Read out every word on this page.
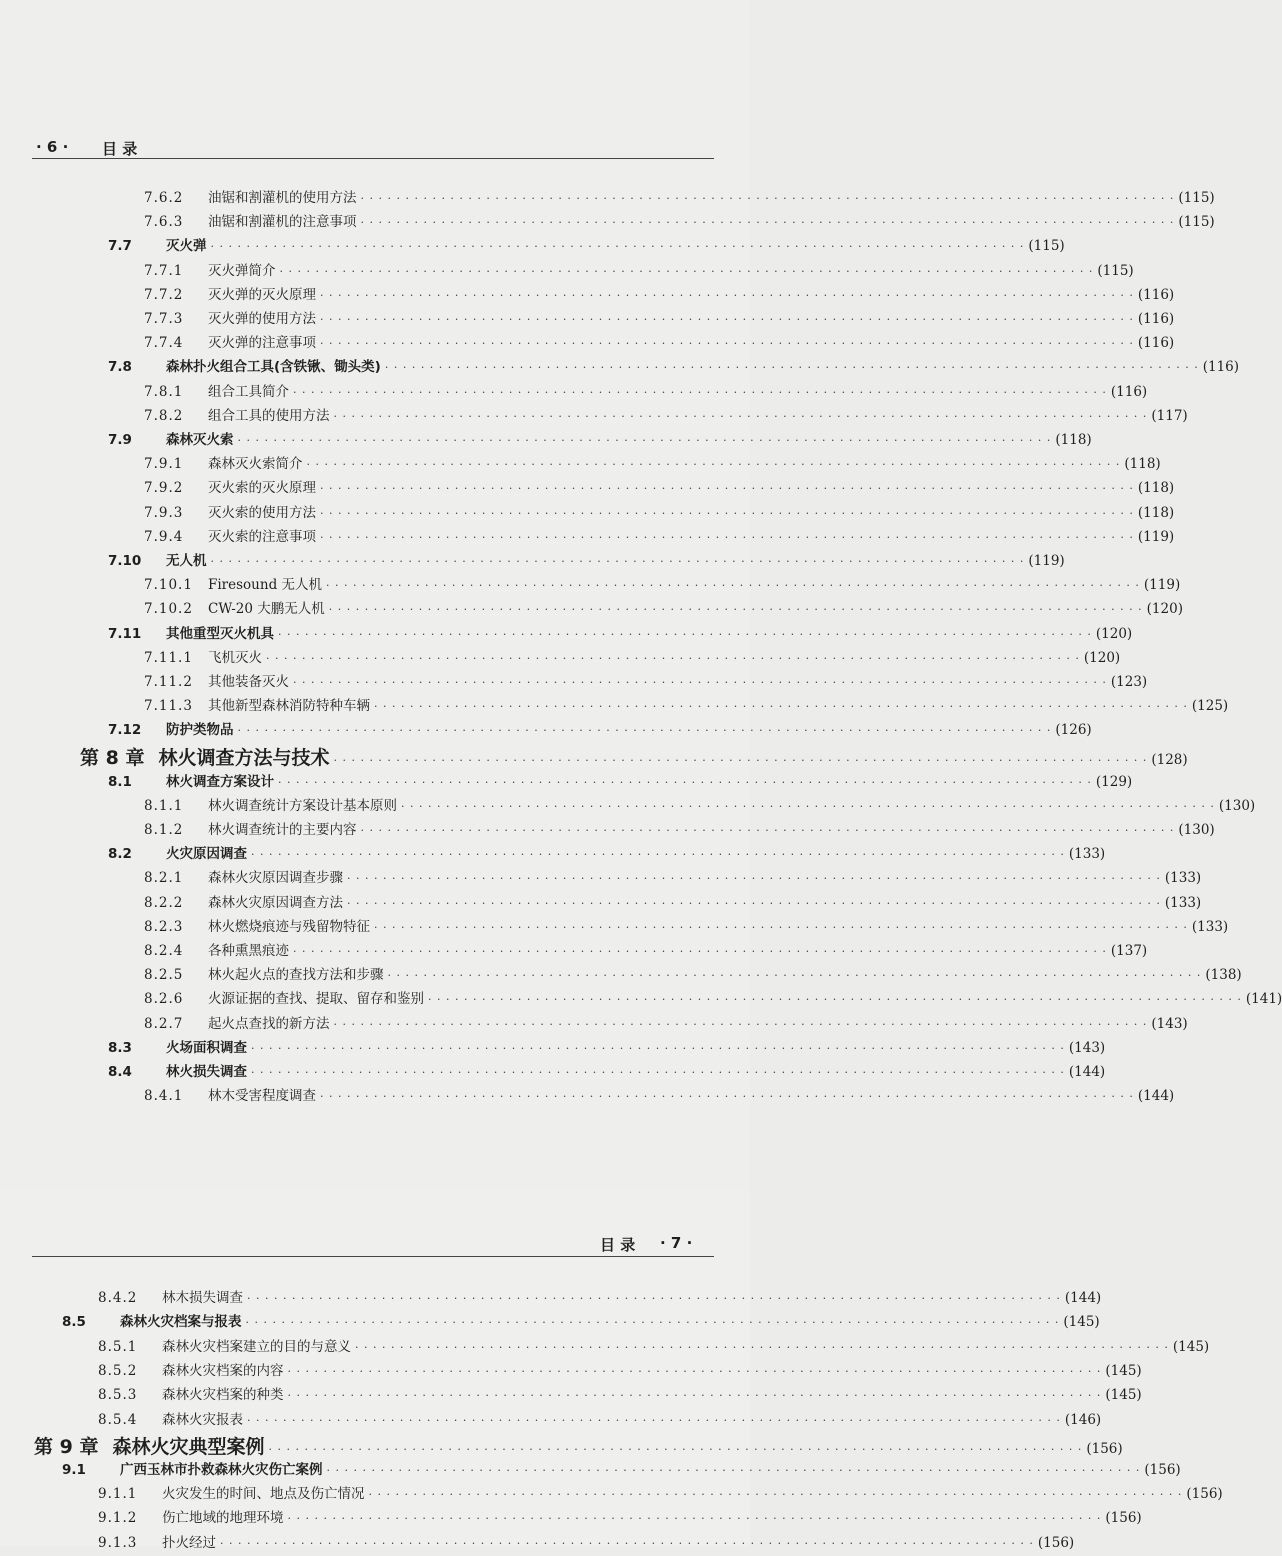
· 6 · 目 录
7.6.2	油锯和割灌机的使用方法 · · · · · · · · · · · · · · · · · · · · · · · · · · · · · · · · · · · · · · · · · · · · · · · · · · · · · · · · · · · · · · · · · · · · · · · · · · · · · · · · · · · · · · · · · · · (115)
7.6.3	油锯和割灌机的注意事项 · · · · · · · · · · · · · · · · · · · · · · · · · · · · · · · · · · · · · · · · · · · · · · · · · · · · · · · · · · · · · · · · · · · · · · · · · · · · · · · · · · · · · · · · · · · (115)
7.7	灭火弹 · · · · · · · · · · · · · · · · · · · · · · · · · · · · · · · · · · · · · · · · · · · · · · · · · · · · · · · · · · · · · · · · · · · · · · · · · · · · · · · · · · · · · · · · · · · (115)
7.7.1	灭火弹简介 · · · · · · · · · · · · · · · · · · · · · · · · · · · · · · · · · · · · · · · · · · · · · · · · · · · · · · · · · · · · · · · · · · · · · · · · · · · · · · · · · · · · · · · · · · · (115)
7.7.2	灭火弹的灭火原理 · · · · · · · · · · · · · · · · · · · · · · · · · · · · · · · · · · · · · · · · · · · · · · · · · · · · · · · · · · · · · · · · · · · · · · · · · · · · · · · · · · · · · · · · · · · (116)
7.7.3	灭火弹的使用方法 · · · · · · · · · · · · · · · · · · · · · · · · · · · · · · · · · · · · · · · · · · · · · · · · · · · · · · · · · · · · · · · · · · · · · · · · · · · · · · · · · · · · · · · · · · · (116)
7.7.4	灭火弹的注意事项 · · · · · · · · · · · · · · · · · · · · · · · · · · · · · · · · · · · · · · · · · · · · · · · · · · · · · · · · · · · · · · · · · · · · · · · · · · · · · · · · · · · · · · · · · · · (116)
7.8	森林扑火组合工具(含铁锹、锄头类) · · · · · · · · · · · · · · · · · · · · · · · · · · · · · · · · · · · · · · · · · · · · · · · · · · · · · · · · · · · · · · · · · · · · · · · · · · · · · · · · · · · · · · · · · · · (116)
7.8.1	组合工具简介 · · · · · · · · · · · · · · · · · · · · · · · · · · · · · · · · · · · · · · · · · · · · · · · · · · · · · · · · · · · · · · · · · · · · · · · · · · · · · · · · · · · · · · · · · · · (116)
7.8.2	组合工具的使用方法 · · · · · · · · · · · · · · · · · · · · · · · · · · · · · · · · · · · · · · · · · · · · · · · · · · · · · · · · · · · · · · · · · · · · · · · · · · · · · · · · · · · · · · · · · · · (117)
7.9	森林灭火索 · · · · · · · · · · · · · · · · · · · · · · · · · · · · · · · · · · · · · · · · · · · · · · · · · · · · · · · · · · · · · · · · · · · · · · · · · · · · · · · · · · · · · · · · · · · (118)
7.9.1	森林灭火索简介 · · · · · · · · · · · · · · · · · · · · · · · · · · · · · · · · · · · · · · · · · · · · · · · · · · · · · · · · · · · · · · · · · · · · · · · · · · · · · · · · · · · · · · · · · · · (118)
7.9.2	灭火索的灭火原理 · · · · · · · · · · · · · · · · · · · · · · · · · · · · · · · · · · · · · · · · · · · · · · · · · · · · · · · · · · · · · · · · · · · · · · · · · · · · · · · · · · · · · · · · · · · (118)
7.9.3	灭火索的使用方法 · · · · · · · · · · · · · · · · · · · · · · · · · · · · · · · · · · · · · · · · · · · · · · · · · · · · · · · · · · · · · · · · · · · · · · · · · · · · · · · · · · · · · · · · · · · (118)
7.9.4	灭火索的注意事项 · · · · · · · · · · · · · · · · · · · · · · · · · · · · · · · · · · · · · · · · · · · · · · · · · · · · · · · · · · · · · · · · · · · · · · · · · · · · · · · · · · · · · · · · · · · (119)
7.10	无人机 · · · · · · · · · · · · · · · · · · · · · · · · · · · · · · · · · · · · · · · · · · · · · · · · · · · · · · · · · · · · · · · · · · · · · · · · · · · · · · · · · · · · · · · · · · · (119)
7.10.1	Firesound 无人机 · · · · · · · · · · · · · · · · · · · · · · · · · · · · · · · · · · · · · · · · · · · · · · · · · · · · · · · · · · · · · · · · · · · · · · · · · · · · · · · · · · · · · · · · · · · (119)
7.10.2	CW-20 大鹏无人机 · · · · · · · · · · · · · · · · · · · · · · · · · · · · · · · · · · · · · · · · · · · · · · · · · · · · · · · · · · · · · · · · · · · · · · · · · · · · · · · · · · · · · · · · · · · (120)
7.11	其他重型灭火机具 · · · · · · · · · · · · · · · · · · · · · · · · · · · · · · · · · · · · · · · · · · · · · · · · · · · · · · · · · · · · · · · · · · · · · · · · · · · · · · · · · · · · · · · · · · · (120)
7.11.1	飞机灭火 · · · · · · · · · · · · · · · · · · · · · · · · · · · · · · · · · · · · · · · · · · · · · · · · · · · · · · · · · · · · · · · · · · · · · · · · · · · · · · · · · · · · · · · · · · · (120)
7.11.2	其他装备灭火 · · · · · · · · · · · · · · · · · · · · · · · · · · · · · · · · · · · · · · · · · · · · · · · · · · · · · · · · · · · · · · · · · · · · · · · · · · · · · · · · · · · · · · · · · · · (123)
7.11.3	其他新型森林消防特种车辆 · · · · · · · · · · · · · · · · · · · · · · · · · · · · · · · · · · · · · · · · · · · · · · · · · · · · · · · · · · · · · · · · · · · · · · · · · · · · · · · · · · · · · · · · · · · (125)
7.12	防护类物品 · · · · · · · · · · · · · · · · · · · · · · · · · · · · · · · · · · · · · · · · · · · · · · · · · · · · · · · · · · · · · · · · · · · · · · · · · · · · · · · · · · · · · · · · · · · (126)
第 8 章 林火调查方法与技术 · · · · · · · · · · · · · · · · · · · · · · · · · · · · · · · · · · · · · · · · · · · · · · · · · · · · · · · · · · · · · · · · · · · · · · · · · · · · · · · · · · · · · · · · · · · (128)
8.1	林火调查方案设计 · · · · · · · · · · · · · · · · · · · · · · · · · · · · · · · · · · · · · · · · · · · · · · · · · · · · · · · · · · · · · · · · · · · · · · · · · · · · · · · · · · · · · · · · · · · (129)
8.1.1	林火调查统计方案设计基本原则 · · · · · · · · · · · · · · · · · · · · · · · · · · · · · · · · · · · · · · · · · · · · · · · · · · · · · · · · · · · · · · · · · · · · · · · · · · · · · · · · · · · · · · · · · · · (130)
8.1.2	林火调查统计的主要内容 · · · · · · · · · · · · · · · · · · · · · · · · · · · · · · · · · · · · · · · · · · · · · · · · · · · · · · · · · · · · · · · · · · · · · · · · · · · · · · · · · · · · · · · · · · · (130)
8.2	火灾原因调查 · · · · · · · · · · · · · · · · · · · · · · · · · · · · · · · · · · · · · · · · · · · · · · · · · · · · · · · · · · · · · · · · · · · · · · · · · · · · · · · · · · · · · · · · · · · (133)
8.2.1	森林火灾原因调查步骤 · · · · · · · · · · · · · · · · · · · · · · · · · · · · · · · · · · · · · · · · · · · · · · · · · · · · · · · · · · · · · · · · · · · · · · · · · · · · · · · · · · · · · · · · · · · (133)
8.2.2	森林火灾原因调查方法 · · · · · · · · · · · · · · · · · · · · · · · · · · · · · · · · · · · · · · · · · · · · · · · · · · · · · · · · · · · · · · · · · · · · · · · · · · · · · · · · · · · · · · · · · · · (133)
8.2.3	林火燃烧痕迹与残留物特征 · · · · · · · · · · · · · · · · · · · · · · · · · · · · · · · · · · · · · · · · · · · · · · · · · · · · · · · · · · · · · · · · · · · · · · · · · · · · · · · · · · · · · · · · · · · (133)
8.2.4	各种熏黑痕迹 · · · · · · · · · · · · · · · · · · · · · · · · · · · · · · · · · · · · · · · · · · · · · · · · · · · · · · · · · · · · · · · · · · · · · · · · · · · · · · · · · · · · · · · · · · · (137)
8.2.5	林火起火点的查找方法和步骤 · · · · · · · · · · · · · · · · · · · · · · · · · · · · · · · · · · · · · · · · · · · · · · · · · · · · · · · · · · · · · · · · · · · · · · · · · · · · · · · · · · · · · · · · · · · (138)
8.2.6	火源证据的查找、提取、留存和鉴别 · · · · · · · · · · · · · · · · · · · · · · · · · · · · · · · · · · · · · · · · · · · · · · · · · · · · · · · · · · · · · · · · · · · · · · · · · · · · · · · · · · · · · · · · · · · (141)
8.2.7	起火点查找的新方法 · · · · · · · · · · · · · · · · · · · · · · · · · · · · · · · · · · · · · · · · · · · · · · · · · · · · · · · · · · · · · · · · · · · · · · · · · · · · · · · · · · · · · · · · · · · (143)
8.3	火场面积调查 · · · · · · · · · · · · · · · · · · · · · · · · · · · · · · · · · · · · · · · · · · · · · · · · · · · · · · · · · · · · · · · · · · · · · · · · · · · · · · · · · · · · · · · · · · · (143)
8.4	林火损失调查 · · · · · · · · · · · · · · · · · · · · · · · · · · · · · · · · · · · · · · · · · · · · · · · · · · · · · · · · · · · · · · · · · · · · · · · · · · · · · · · · · · · · · · · · · · · (144)
8.4.1	林木受害程度调查 · · · · · · · · · · · · · · · · · · · · · · · · · · · · · · · · · · · · · · · · · · · · · · · · · · · · · · · · · · · · · · · · · · · · · · · · · · · · · · · · · · · · · · · · · · · (144)
目 录 · 7 ·
8.4.2	林木损失调查 · · · · · · · · · · · · · · · · · · · · · · · · · · · · · · · · · · · · · · · · · · · · · · · · · · · · · · · · · · · · · · · · · · · · · · · · · · · · · · · · · · · · · · · · · · · (144)
8.5	森林火灾档案与报表 · · · · · · · · · · · · · · · · · · · · · · · · · · · · · · · · · · · · · · · · · · · · · · · · · · · · · · · · · · · · · · · · · · · · · · · · · · · · · · · · · · · · · · · · · · · (145)
8.5.1	森林火灾档案建立的目的与意义 · · · · · · · · · · · · · · · · · · · · · · · · · · · · · · · · · · · · · · · · · · · · · · · · · · · · · · · · · · · · · · · · · · · · · · · · · · · · · · · · · · · · · · · · · · · (145)
8.5.2	森林火灾档案的内容 · · · · · · · · · · · · · · · · · · · · · · · · · · · · · · · · · · · · · · · · · · · · · · · · · · · · · · · · · · · · · · · · · · · · · · · · · · · · · · · · · · · · · · · · · · · (145)
8.5.3	森林火灾档案的种类 · · · · · · · · · · · · · · · · · · · · · · · · · · · · · · · · · · · · · · · · · · · · · · · · · · · · · · · · · · · · · · · · · · · · · · · · · · · · · · · · · · · · · · · · · · · (145)
8.5.4	森林火灾报表 · · · · · · · · · · · · · · · · · · · · · · · · · · · · · · · · · · · · · · · · · · · · · · · · · · · · · · · · · · · · · · · · · · · · · · · · · · · · · · · · · · · · · · · · · · · (146)
第 9 章 森林火灾典型案例 · · · · · · · · · · · · · · · · · · · · · · · · · · · · · · · · · · · · · · · · · · · · · · · · · · · · · · · · · · · · · · · · · · · · · · · · · · · · · · · · · · · · · · · · · · · (156)
9.1	广西玉林市扑救森林火灾伤亡案例 · · · · · · · · · · · · · · · · · · · · · · · · · · · · · · · · · · · · · · · · · · · · · · · · · · · · · · · · · · · · · · · · · · · · · · · · · · · · · · · · · · · · · · · · · · · (156)
9.1.1	火灾发生的时间、地点及伤亡情况 · · · · · · · · · · · · · · · · · · · · · · · · · · · · · · · · · · · · · · · · · · · · · · · · · · · · · · · · · · · · · · · · · · · · · · · · · · · · · · · · · · · · · · · · · · · (156)
9.1.2	伤亡地域的地理环境 · · · · · · · · · · · · · · · · · · · · · · · · · · · · · · · · · · · · · · · · · · · · · · · · · · · · · · · · · · · · · · · · · · · · · · · · · · · · · · · · · · · · · · · · · · · (156)
9.1.3	扑火经过 · · · · · · · · · · · · · · · · · · · · · · · · · · · · · · · · · · · · · · · · · · · · · · · · · · · · · · · · · · · · · · · · · · · · · · · · · · · · · · · · · · · · · · · · · · · (156)
